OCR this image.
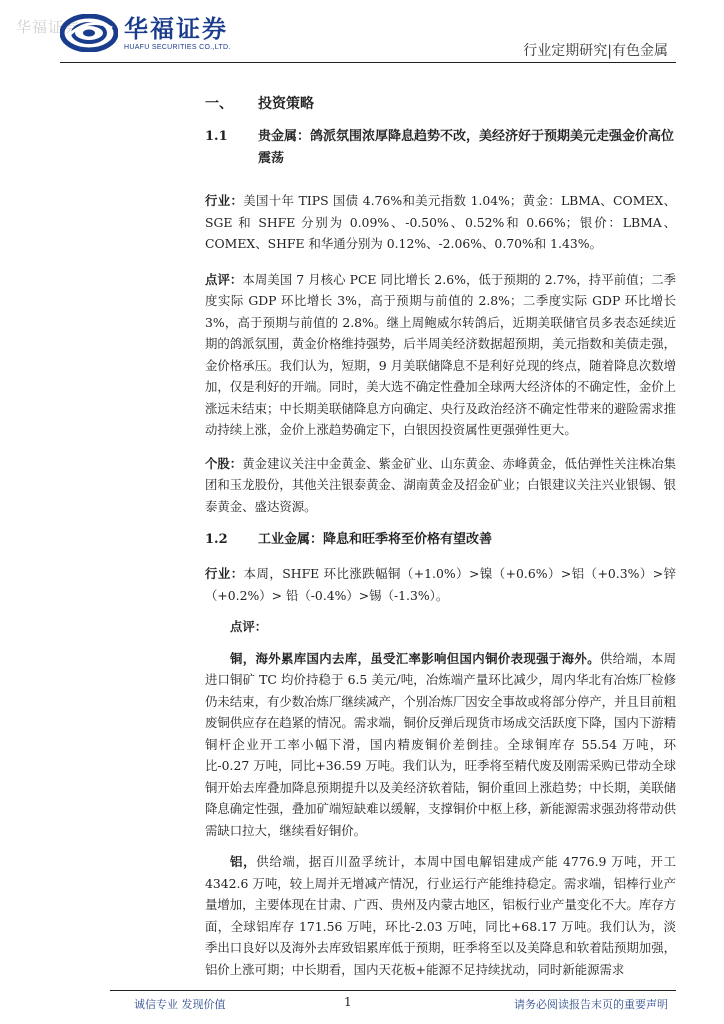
华福证券 华福证券
HUAFU SECURITIES CO.,LTD.	行业定期研究|有色金属
一、 投资策略
1.1 贵金属：鸽派氛围浓厚降息趋势不改，美经济好于预期美元走强金价高位震荡
行业：美国十年 TIPS 国债 4.76%和美元指数 1.04%；黄金：LBMA、COMEX、SGE 和 SHFE 分别为 0.09%、-0.50%、0.52%和 0.66%；银价：LBMA、COMEX、SHFE 和华通分别为 0.12%、-2.06%、0.70%和 1.43%。
点评：本周美国 7 月核心 PCE 同比增长 2.6%，低于预期的 2.7%，持平前值；二季度实际 GDP 环比增长 3%，高于预期与前值的 2.8%；二季度实际 GDP 环比增长 3%，高于预期与前值的 2.8%。继上周鲍威尔转鸽后，近期美联储官员多表态延续近期的鸽派氛围，黄金价格维持强势，后半周美经济数据超预期，美元指数和美债走强，金价格承压。我们认为，短期，9 月美联储降息不是利好兑现的终点，随着降息次数增加，仅是利好的开端。同时，美大选不确定性叠加全球两大经济体的不确定性，金价上涨远未结束；中长期美联储降息方向确定、央行及政治经济不确定性带来的避险需求推动持续上涨，金价上涨趋势确定下，白银因投资属性更强弹性更大。
个股：黄金建议关注中金黄金、紫金矿业、山东黄金、赤峰黄金，低估弹性关注株冶集团和玉龙股份，其他关注银泰黄金、湖南黄金及招金矿业；白银建议关注兴业银锡、银泰黄金、盛达资源。
1.2 工业金属：降息和旺季将至价格有望改善
行业：本周，SHFE 环比涨跌幅铜（+1.0%）>镍（+0.6%）>铝（+0.3%）>锌（+0.2%）> 铅（-0.4%）>锡（-1.3%）。
点评：
铜，海外累库国内去库，虽受汇率影响但国内铜价表现强于海外。供给端，本周进口铜矿 TC 均价持稳于 6.5 美元/吨，冶炼端产量环比减少，周内华北有冶炼厂检修仍未结束，有少数冶炼厂继续减产，个别冶炼厂因安全事故或将部分停产，并且目前粗废铜供应存在趋紧的情况。需求端，铜价反弹后现货市场成交活跃度下降，国内下游精铜杆企业开工率小幅下滑，国内精废铜价差倒挂。全球铜库存 55.54 万吨，环比-0.27 万吨，同比+36.59 万吨。我们认为，旺季将至精代废及刚需采购已带动全球铜开始去库叠加降息预期提升以及美经济软着陆，铜价重回上涨趋势；中长期，美联储降息确定性强，叠加矿端短缺难以缓解，支撑铜价中枢上移，新能源需求强劲将带动供需缺口拉大，继续看好铜价。
铝，供给端，据百川盈孚统计，本周中国电解铝建成产能 4776.9 万吨，开工 4342.6 万吨，较上周并无增减产情况，行业运行产能维持稳定。需求端，铝棒行业产量增加，主要体现在甘肃、广西、贵州及内蒙古地区，铝板行业产量变化不大。库存方面，全球铝库存 171.56 万吨，环比-2.03 万吨，同比+68.17 万吨。我们认为，淡季出口良好以及海外去库致铝累库低于预期，旺季将至以及美降息和软着陆预期加强，铝价上涨可期；中长期看，国内天花板+能源不足持续扰动，同时新能源需求
诚信专业 发现价值	1	请务必阅读报告末页的重要声明
